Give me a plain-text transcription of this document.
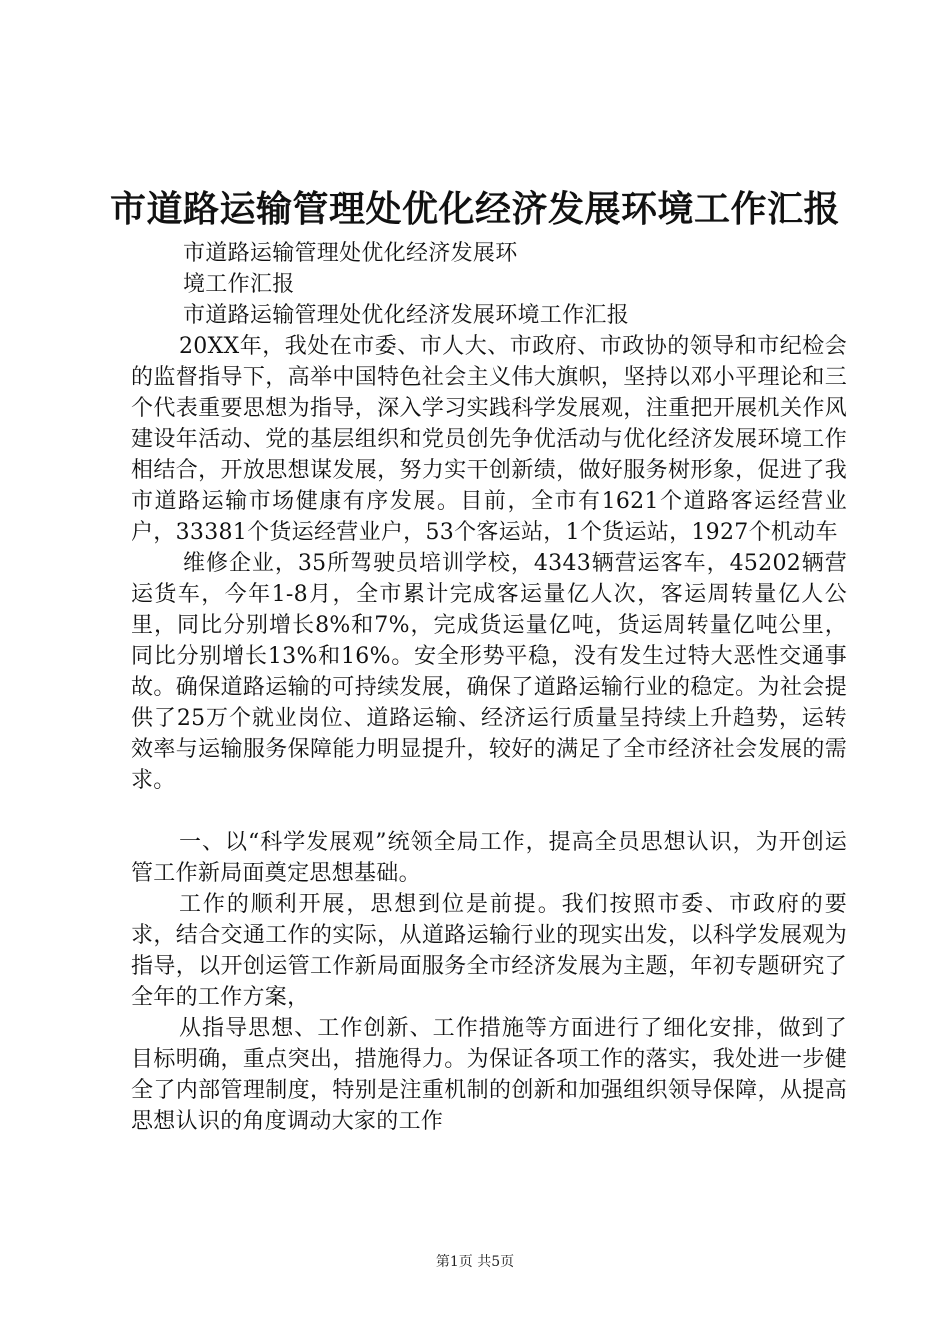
市道路运输管理处优化经济发展环境工作汇报

市道路运输管理处优化经济发展环

境工作汇报

市道路运输管理处优化经济发展环境工作汇报

20XX年，我处在市委、市人大、市政府、市政协的领导和市纪检会的监督指导下，高举中国特色社会主义伟大旗帜，坚持以邓小平理论和三个代表重要思想为指导，深入学习实践科学发展观，注重把开展机关作风建设年活动、党的基层组织和党员创先争优活动与优化经济发展环境工作相结合，开放思想谋发展，努力实干创新绩，做好服务树形象，促进了我市道路运输市场健康有序发展。目前，全市有1621个道路客运经营业户，33381个货运经营业户，53个客运站，1个货运站，1927个机动车

维修企业，35所驾驶员培训学校，4343辆营运客车，45202辆营运货车，今年1-8月，全市累计完成客运量亿人次，客运周转量亿人公里，同比分别增长8%和7%，完成货运量亿吨，货运周转量亿吨公里，同比分别增长13%和16%。安全形势平稳，没有发生过特大恶性交通事故。确保道路运输的可持续发展，确保了道路运输行业的稳定。为社会提供了25万个就业岗位、道路运输、经济运行质量呈持续上升趋势，运转效率与运输服务保障能力明显提升，较好的满足了全市经济社会发展的需求。

一、以“科学发展观”统领全局工作，提高全员思想认识，为开创运管工作新局面奠定思想基础。

工作的顺利开展，思想到位是前提。我们按照市委、市政府的要求，结合交通工作的实际，从道路运输行业的现实出发，以科学发展观为指导，以开创运管工作新局面服务全市经济发展为主题，年初专题研究了全年的工作方案，

从指导思想、工作创新、工作措施等方面进行了细化安排，做到了目标明确，重点突出，措施得力。为保证各项工作的落实，我处进一步健全了内部管理制度，特别是注重机制的创新和加强组织领导保障，从提高思想认识的角度调动大家的工作

第1页 共5页
